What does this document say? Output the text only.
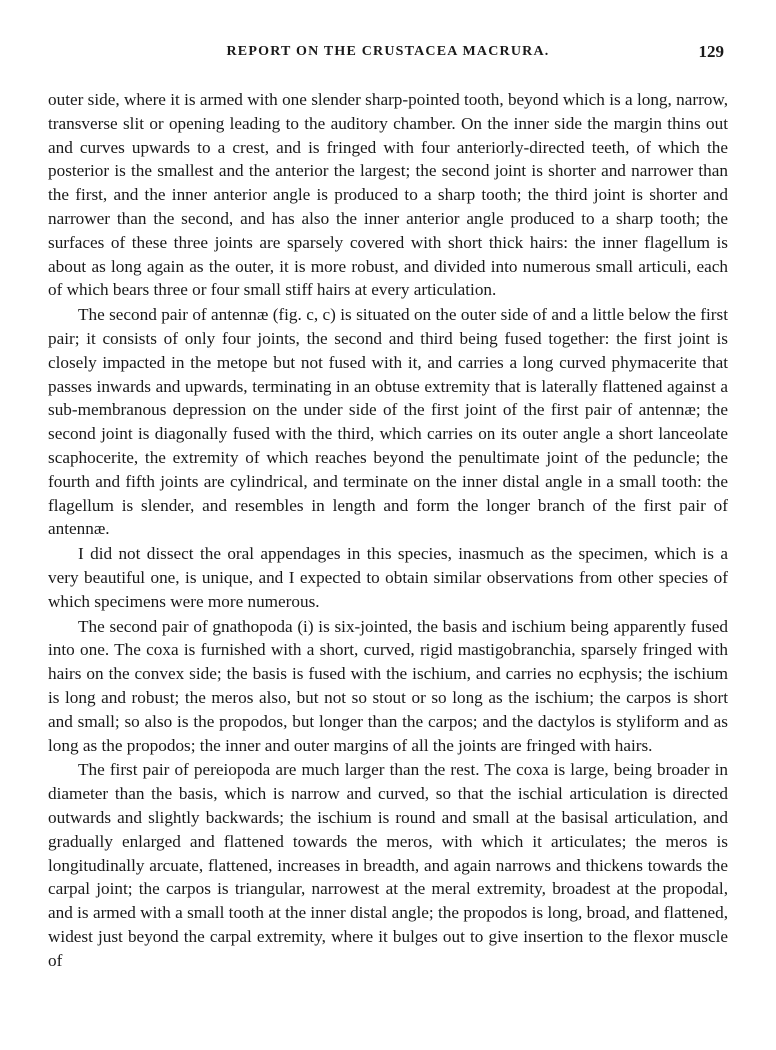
REPORT ON THE CRUSTACEA MACRURA.	129

outer side, where it is armed with one slender sharp-pointed tooth, beyond which is a long, narrow, transverse slit or opening leading to the auditory chamber. On the inner side the margin thins out and curves upwards to a crest, and is fringed with four anteriorly-directed teeth, of which the posterior is the smallest and the anterior the largest; the second joint is shorter and narrower than the first, and the inner anterior angle is produced to a sharp tooth; the third joint is shorter and narrower than the second, and has also the inner anterior angle produced to a sharp tooth; the surfaces of these three joints are sparsely covered with short thick hairs: the inner flagellum is about as long again as the outer, it is more robust, and divided into numerous small articuli, each of which bears three or four small stiff hairs at every articulation.

The second pair of antennæ (fig. c, c) is situated on the outer side of and a little below the first pair; it consists of only four joints, the second and third being fused together: the first joint is closely impacted in the metope but not fused with it, and carries a long curved phymacerite that passes inwards and upwards, terminating in an obtuse extremity that is laterally flattened against a sub-membranous depression on the under side of the first joint of the first pair of antennæ; the second joint is diagonally fused with the third, which carries on its outer angle a short lanceolate scaphocerite, the extremity of which reaches beyond the penultimate joint of the peduncle; the fourth and fifth joints are cylindrical, and terminate on the inner distal angle in a small tooth: the flagellum is slender, and resembles in length and form the longer branch of the first pair of antennæ.

I did not dissect the oral appendages in this species, inasmuch as the specimen, which is a very beautiful one, is unique, and I expected to obtain similar observations from other species of which specimens were more numerous.

The second pair of gnathopoda (i) is six-jointed, the basis and ischium being apparently fused into one. The coxa is furnished with a short, curved, rigid mastigobranchia, sparsely fringed with hairs on the convex side; the basis is fused with the ischium, and carries no ecphysis; the ischium is long and robust; the meros also, but not so stout or so long as the ischium; the carpos is short and small; so also is the propodos, but longer than the carpos; and the dactylos is styliform and as long as the propodos; the inner and outer margins of all the joints are fringed with hairs.

The first pair of pereiopoda are much larger than the rest. The coxa is large, being broader in diameter than the basis, which is narrow and curved, so that the ischial articulation is directed outwards and slightly backwards; the ischium is round and small at the basisal articulation, and gradually enlarged and flattened towards the meros, with which it articulates; the meros is longitudinally arcuate, flattened, increases in breadth, and again narrows and thickens towards the carpal joint; the carpos is triangular, narrowest at the meral extremity, broadest at the propodal, and is armed with a small tooth at the inner distal angle; the propodos is long, broad, and flattened, widest just beyond the carpal extremity, where it bulges out to give insertion to the flexor muscle of
